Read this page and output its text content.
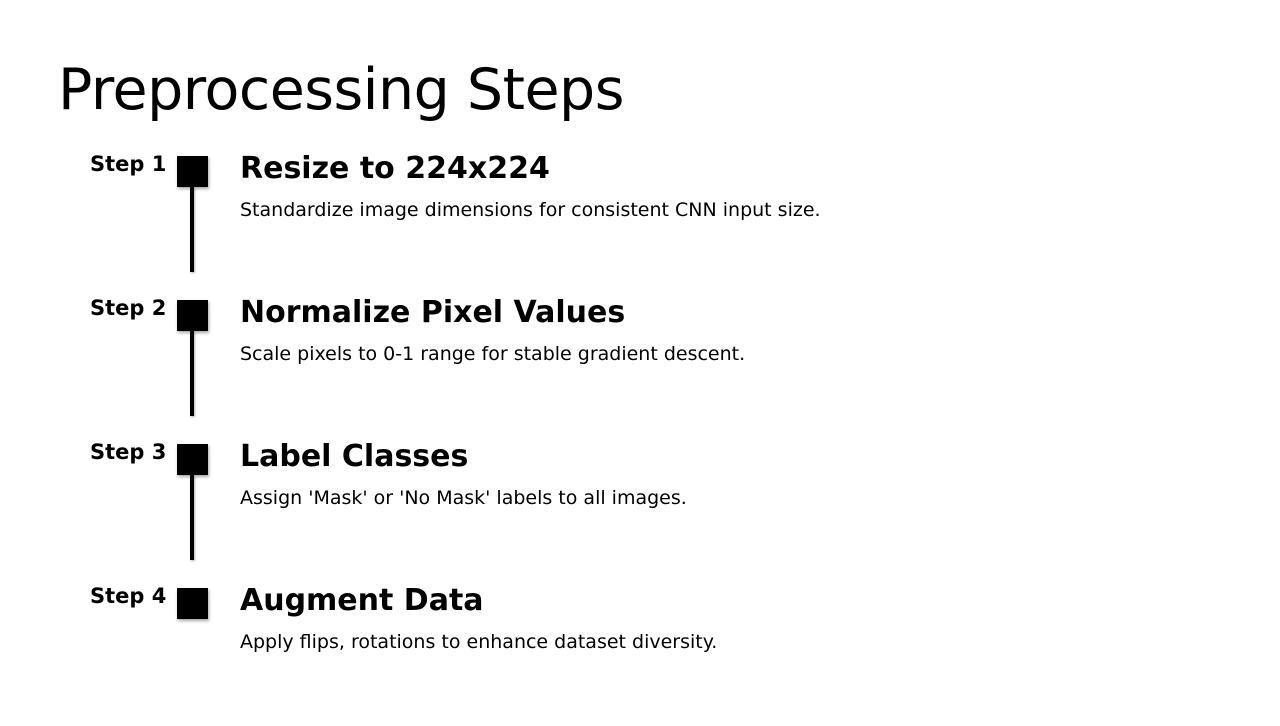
Preprocessing Steps
Step 1 Resize to 224x224

Standardize image dimensions for consistent CNN input size.

Step 2 Normalize Pixel Values

Scale pixels to 0-1 range for stable gradient descent.

Step 3 Label Classes

Assign 'Mask' or 'No Mask' labels to all images.

Step 4 Augment Data

Apply flips, rotations to enhance dataset diversity.
